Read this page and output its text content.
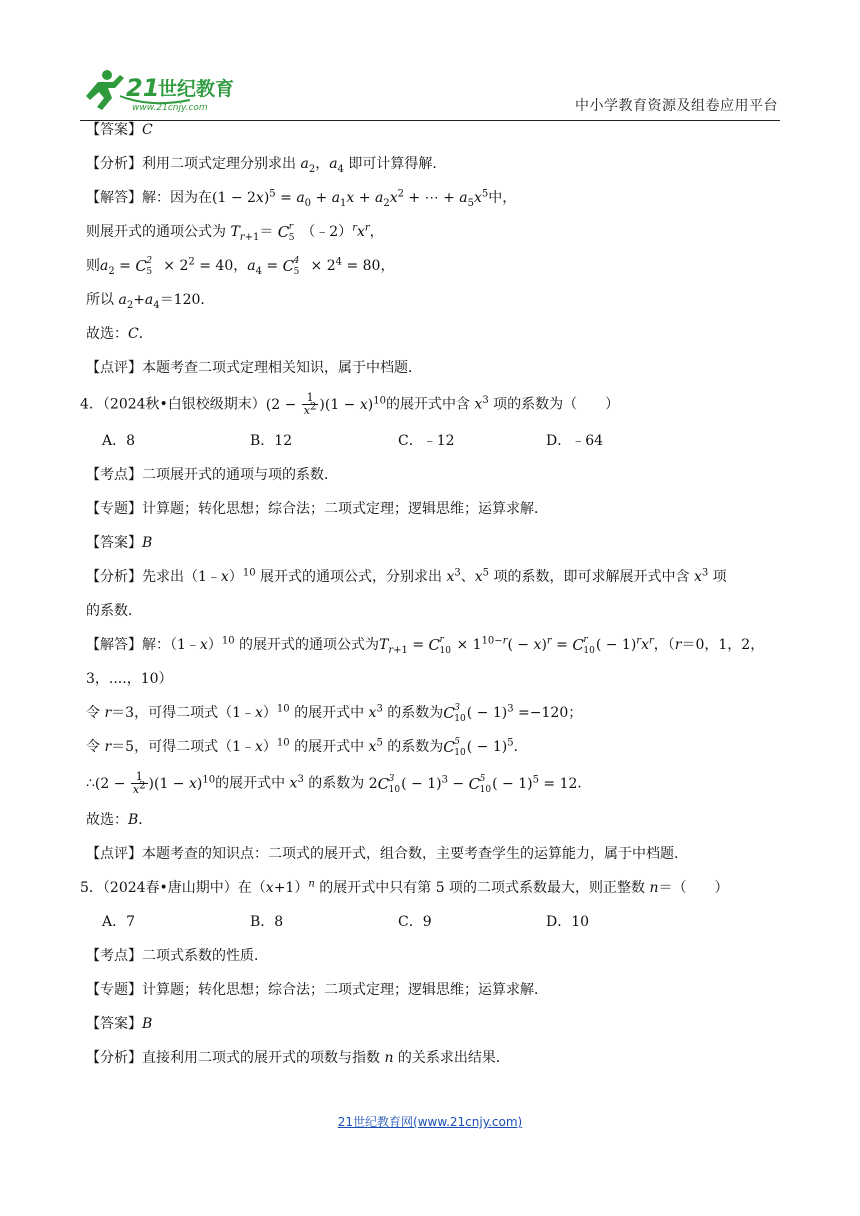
21
世纪教育
www.21cnjy.com	中小学教育资源及组卷应用平台
【答案】C
【分析】利用二项式定理分别求出 $a_2$，$a_4$ 即可计算得解．
【解答】解：因为在$(1 - 2x)^5 = a_0 + a_1x + a_2x^2$ + ⋯ + $a_5x^5$中，
则展开式的通项公式为 $T_{r+1}= C$ r
5 $(﹣2)^rx^r$，
则$a_2 = C$ 2
$5 \times 2^2 = 40$，$a_4 = C$ 4
$5 \times 2^4 = 80$，
所以 $a_2+a_4=120$．
故选：C．
【点评】本题考查二项式定理相关知识，属于中档题．
4．（2024秋•白银校级期末）$(2 - \frac{1}{x^2} )(1 - x)^{10}$的展开式中含 $x^3$ 项的系数为（　　）
A．8	B．12	C．﹣12	D．﹣64
【考点】二项展开式的通项与项的系数．
【专题】计算题；转化思想；综合法；二项式定理；逻辑思维；运算求解．
【答案】B
【分析】先求出（1﹣x）$^{10}$ 展开式的通项公式，分别求出 $x^3$、$x^5$ 项的系数，即可求解展开式中含 $x^3$ 项
的系数．
【解答】解：（1﹣x）$^{10}$ 的展开式的通项公式为$T_{r+1} = C$ r
$10 \times 1^{10-r}( - x)^r = C$ r
10 ( − $1)^rx^r$，（r＝0，1，2，
3，....，10）
令 r＝3，可得二项式（1﹣x）$^{10}$ 的展开式中 $x^3$ 的系数为C 3
10 ( − 1)$^3$ =−120；
令 r＝5，可得二项式（1﹣x）$^{10}$ 的展开式中 $x^5$ 的系数为C 5
10 ( − 1)$^5$．
∴(2 − $\frac{1}{x^2} )(1 - x)^{10}$的展开式中 $x^3$ 的系数为 2C 3
10 ( − 1)$^3$ − C 5
10 ( − 1)$^5$ = 12．
故选：B．
【点评】本题考查的知识点：二项式的展开式，组合数，主要考查学生的运算能力，属于中档题．
5．（2024春•唐山期中）在$(x+1)^n$ 的展开式中只有第 5 项的二项式系数最大，则正整数 n＝（　　）
A．7	B．8	C．9	D．10
【考点】二项式系数的性质．
【专题】计算题；转化思想；综合法；二项式定理；逻辑思维；运算求解．
【答案】B
【分析】直接利用二项式的展开式的项数与指数 n 的关系求出结果．
21世纪教育网(www.21cnjy.com)
